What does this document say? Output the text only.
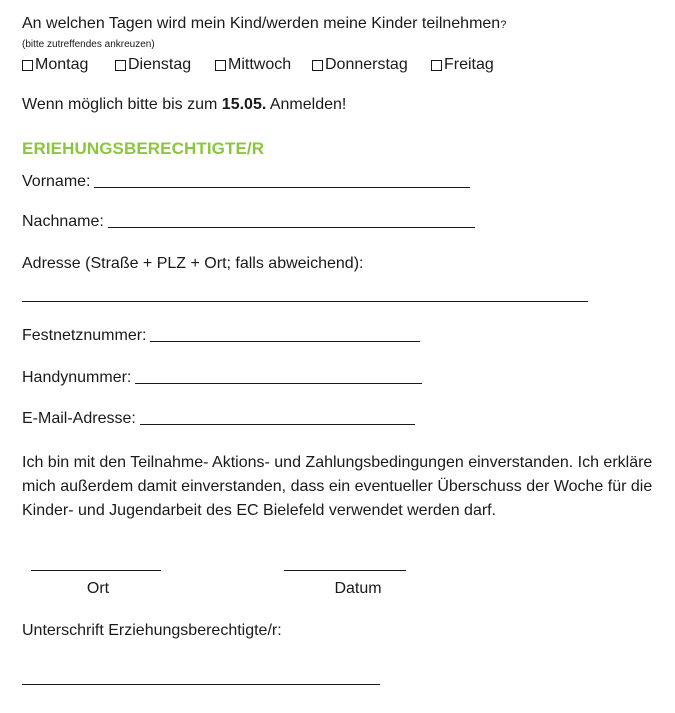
An welchen Tagen wird mein Kind/werden meine Kinder teilnehmen?
(bitte zutreffendes ankreuzen)
Montag Dienstag Mittwoch Donnerstag Freitag
Wenn möglich bitte bis zum 15.05. Anmelden!
ERIEHUNGSBERECHTIGTE/R
Vorname:
Nachname:
Adresse (Straße + PLZ + Ort; falls abweichend):
Festnetznummer:
Handynummer:
E-Mail-Adresse:
Ich bin mit den Teilnahme- Aktions- und Zahlungsbedingungen einverstanden. Ich erkläre mich außerdem damit einverstanden, dass ein eventueller Überschuss der Woche für die Kinder- und Jugendarbeit des EC Bielefeld verwendet werden darf.
Ort	Datum
Unterschrift Erziehungsberechtigte/r:
